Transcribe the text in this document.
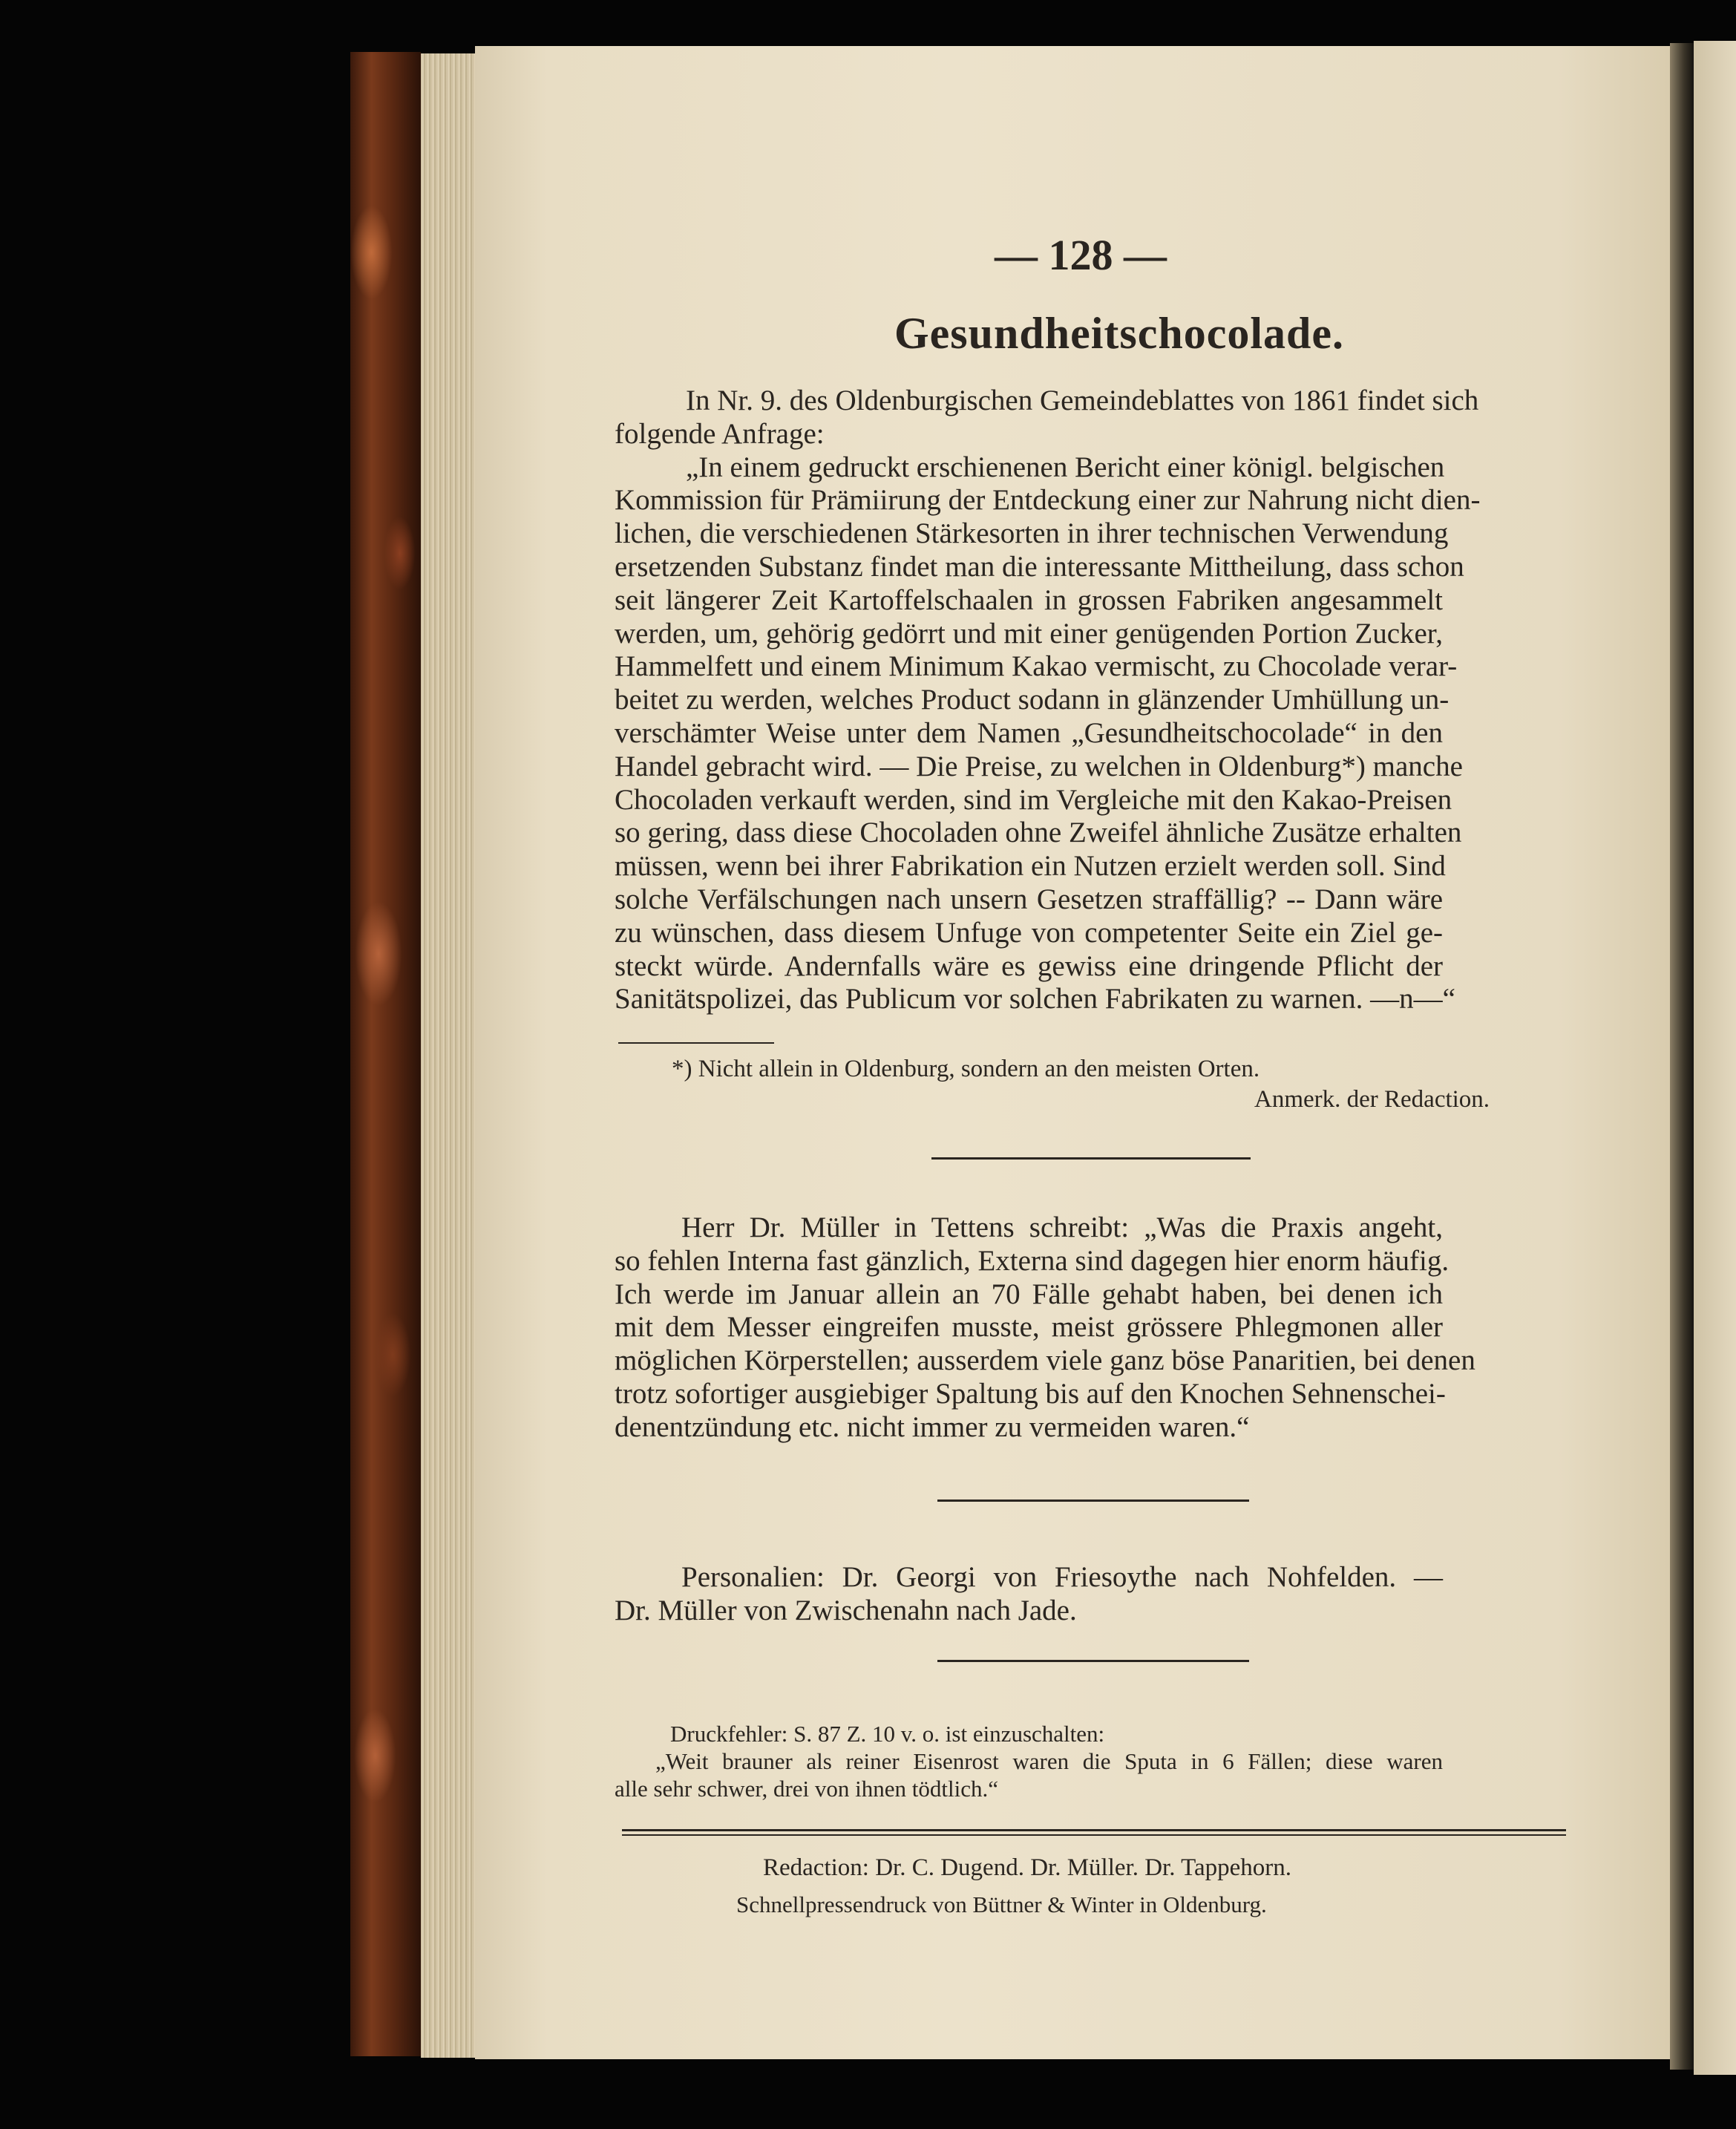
— 128 —
Gesundheitschocolade.
In Nr. 9. des Oldenburgischen Gemeindeblattes von 1861 findet sich
folgende Anfrage:
„In einem gedruckt erschienenen Bericht einer königl. belgischen
Kommission für Prämiirung der Entdeckung einer zur Nahrung nicht dien-
lichen, die verschiedenen Stärkesorten in ihrer technischen Verwendung
ersetzenden Substanz findet man die interessante Mittheilung, dass schon
seit längerer Zeit Kartoffelschaalen in grossen Fabriken angesammelt
werden, um, gehörig gedörrt und mit einer genügenden Portion Zucker,
Hammelfett und einem Minimum Kakao vermischt, zu Chocolade verar-
beitet zu werden, welches Product sodann in glänzender Umhüllung un-
verschämter Weise unter dem Namen „Gesundheitschocolade“ in den
Handel gebracht wird. — Die Preise, zu welchen in Oldenburg*) manche
Chocoladen verkauft werden, sind im Vergleiche mit den Kakao-Preisen
so gering, dass diese Chocoladen ohne Zweifel ähnliche Zusätze erhalten
müssen, wenn bei ihrer Fabrikation ein Nutzen erzielt werden soll. Sind
solche Verfälschungen nach unsern Gesetzen straffällig? -- Dann wäre
zu wünschen, dass diesem Unfuge von competenter Seite ein Ziel ge-
steckt würde. Andernfalls wäre es gewiss eine dringende Pflicht der
Sanitätspolizei, das Publicum vor solchen Fabrikaten zu warnen. —n—“
*) Nicht allein in Oldenburg, sondern an den meisten Orten.
Anmerk. der Redaction.
Herr Dr. Müller in Tettens schreibt: „Was die Praxis angeht,
so fehlen Interna fast gänzlich, Externa sind dagegen hier enorm häufig.
Ich werde im Januar allein an 70 Fälle gehabt haben, bei denen ich
mit dem Messer eingreifen musste, meist grössere Phlegmonen aller
möglichen Körperstellen; ausserdem viele ganz böse Panaritien, bei denen
trotz sofortiger ausgiebiger Spaltung bis auf den Knochen Sehnenschei-
denentzündung etc. nicht immer zu vermeiden waren.“
Personalien: Dr. Georgi von Friesoythe nach Nohfelden. —
Dr. Müller von Zwischenahn nach Jade.
Druckfehler: S. 87 Z. 10 v. o. ist einzuschalten:
„Weit brauner als reiner Eisenrost waren die Sputa in 6 Fällen; diese waren
alle sehr schwer, drei von ihnen tödtlich.“
Redaction: Dr. C. Dugend. Dr. Müller. Dr. Tappehorn.
Schnellpressendruck von Büttner & Winter in Oldenburg.
